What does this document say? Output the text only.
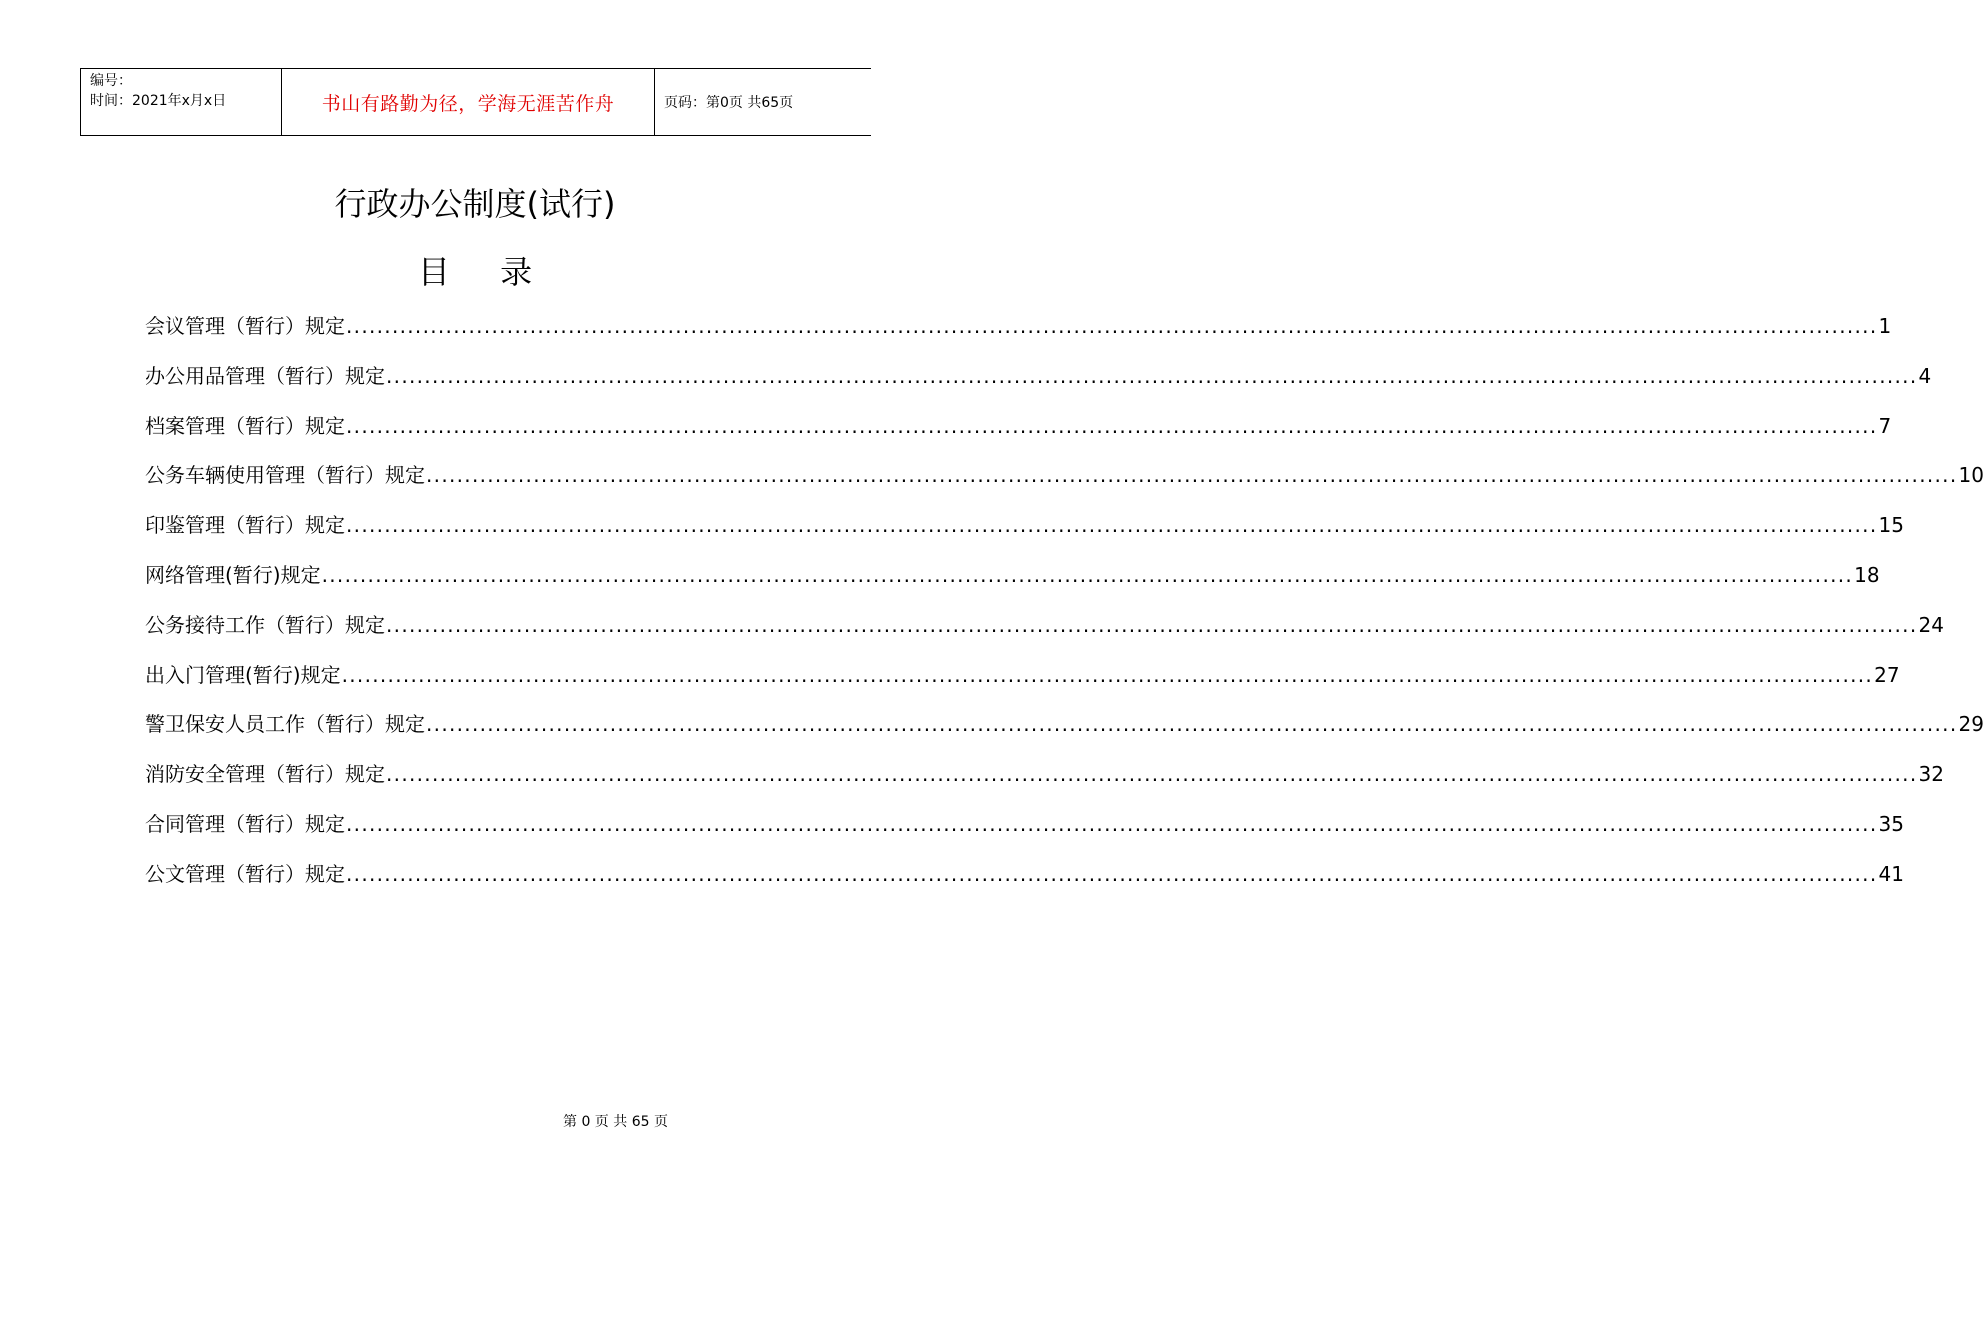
编号：
时间：2021年x月x日	书山有路勤为径，学海无涯苦作舟	页码：第0页 共65页
行政办公制度(试行)
目 录
会议管理（暂行）规定 ........................................................................................................................................................................................................ 1
办公用品管理（暂行）规定 ........................................................................................................................................................................................................ 4
档案管理（暂行）规定 ........................................................................................................................................................................................................ 7
公务车辆使用管理（暂行）规定 ........................................................................................................................................................................................................ 10
印鉴管理（暂行）规定 ........................................................................................................................................................................................................ 15
网络管理(暂行)规定 ........................................................................................................................................................................................................ 18
公务接待工作（暂行）规定 ........................................................................................................................................................................................................ 24
出入门管理(暂行)规定 ........................................................................................................................................................................................................ 27
警卫保安人员工作（暂行）规定 ........................................................................................................................................................................................................ 29
消防安全管理（暂行）规定 ........................................................................................................................................................................................................ 32
合同管理（暂行）规定 ........................................................................................................................................................................................................ 35
公文管理（暂行）规定 ........................................................................................................................................................................................................ 41
第 0 页 共 65 页
